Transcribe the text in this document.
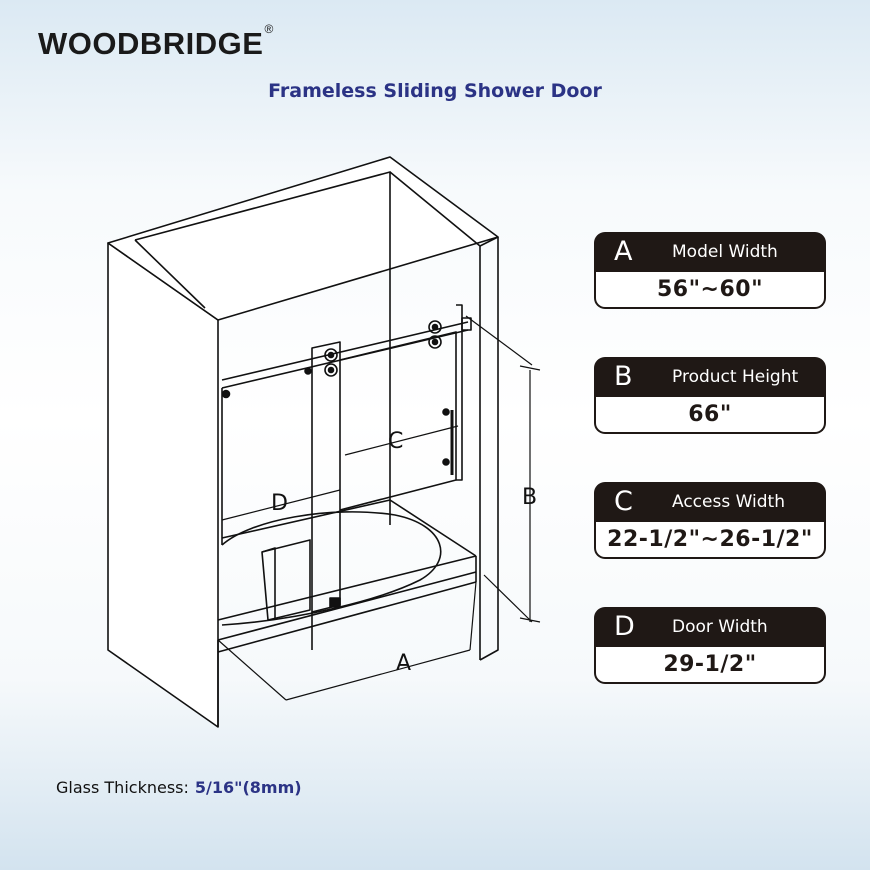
WOODBRIDGE®
Frameless Sliding Shower Door
A
B
C
D
A Model Width
56"~60"
B Product Height
66"
C Access Width
22-1/2"~26-1/2"
D Door Width
29-1/2"
Glass Thickness: 5/16"(8mm)
